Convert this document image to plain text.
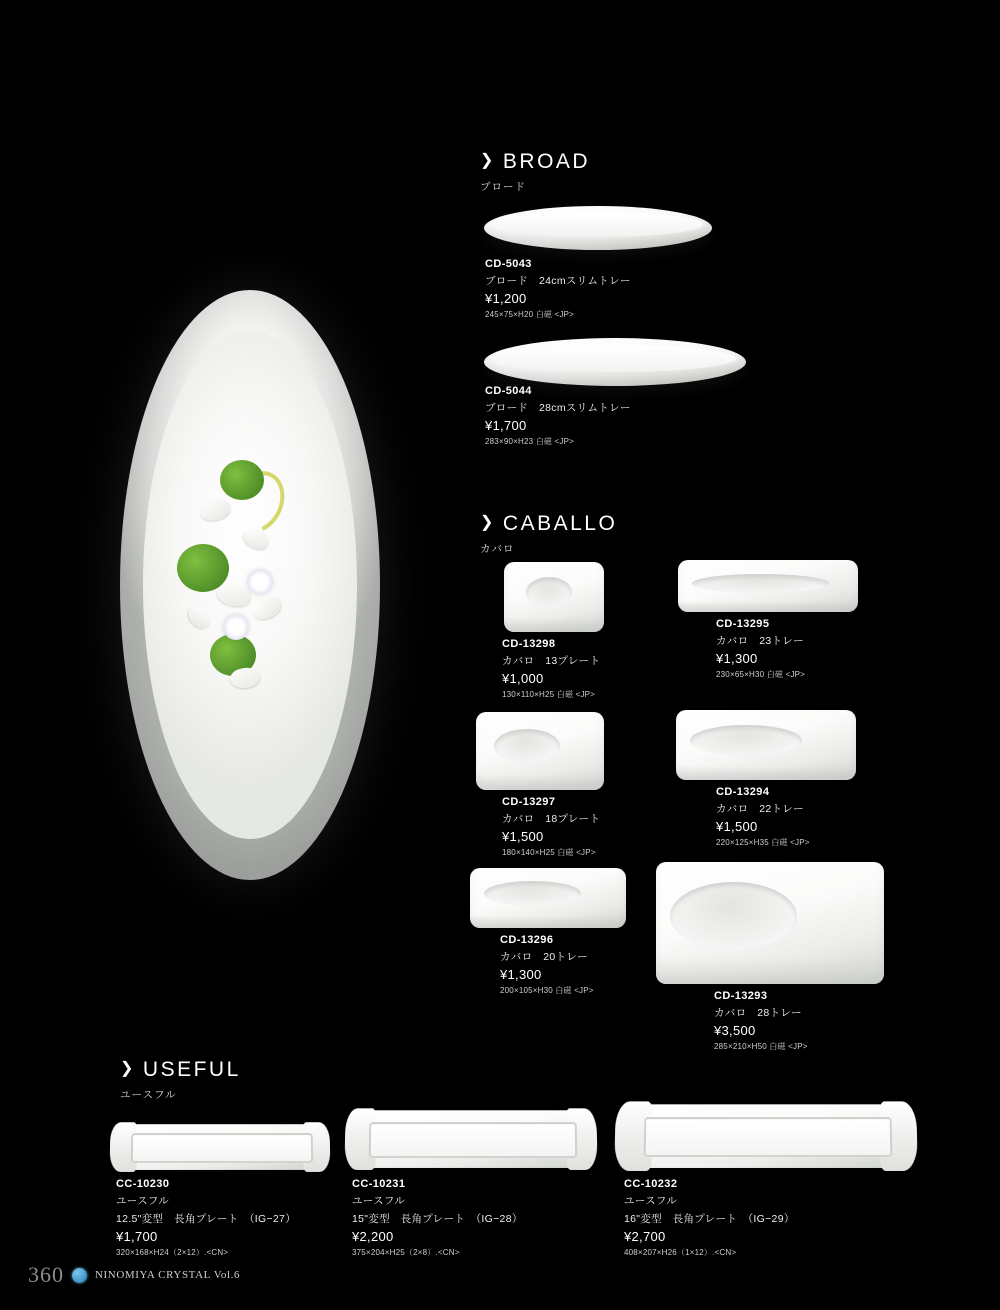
❯ BROAD
ブロード
CD-5043
ブロード　24cmスリムトレー
¥1,200
245×75×H20 白磁 <JP>
CD-5044
ブロード　28cmスリムトレー
¥1,700
283×90×H23 白磁 <JP>
❯ CABALLO
カバロ
CD-13298
カバロ　13プレート
¥1,000
130×110×H25 白磁 <JP>
CD-13295
カバロ　23トレー
¥1,300
230×65×H30 白磁 <JP>
CD-13297
カバロ　18プレート
¥1,500
180×140×H25 白磁 <JP>
CD-13294
カバロ　22トレー
¥1,500
220×125×H35 白磁 <JP>
CD-13296
カバロ　20トレー
¥1,300
200×105×H30 白磁 <JP>	CD-13293
カバロ　28トレー
¥3,500
285×210×H50 白磁 <JP>
❯ USEFUL
ユースフル
CC-10230
ユースフル
12.5"変型　長角プレート　（IG−27）
¥1,700
320×168×H24（2×12）.<CN>
CC-10231
ユースフル
15"変型　長角プレート　（IG−28）
¥2,200
375×204×H25（2×8）.<CN>
CC-10232
ユースフル
16"変型　長角プレート　（IG−29）
¥2,700
408×207×H26（1×12）.<CN>
360	NINOMIYA CRYSTAL Vol.6
